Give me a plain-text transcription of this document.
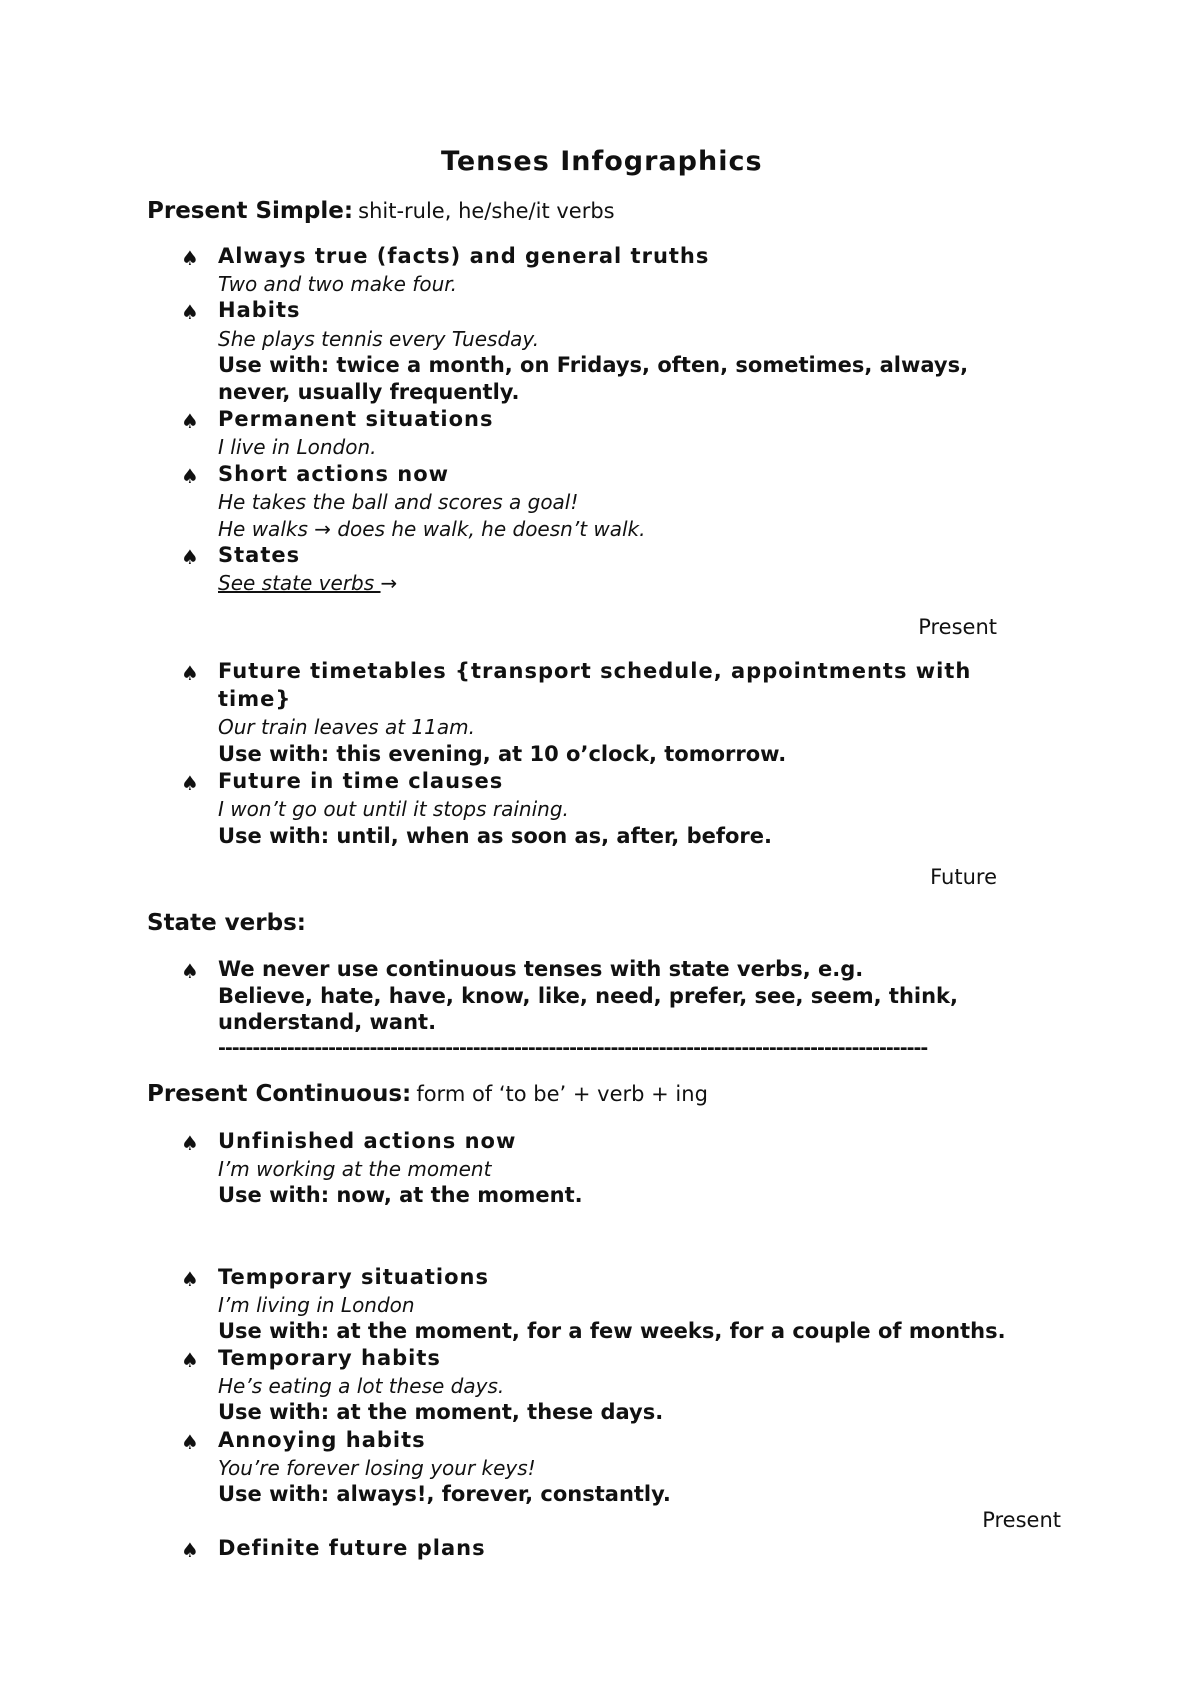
Tenses Infographics
Present Simple: shit-rule, he/she/it verbs
♠ Always true (facts) and general truths
Two and two make four.
♠ Habits
She plays tennis every Tuesday.
Use with: twice a month, on Fridays, often, sometimes, always,
never, usually frequently.
♠ Permanent situations
I live in London.
♠ Short actions now
He takes the ball and scores a goal!
He walks → does he walk, he doesn’t walk.
♠ States
See state verbs →
Present
♠ Future timetables {transport schedule, appointments with
time}
Our train leaves at 11am.
Use with: this evening, at 10 o’clock, tomorrow.
♠ Future in time clauses
I won’t go out until it stops raining.
Use with: until, when as soon as, after, before.
Future
State verbs:
♠ We never use continuous tenses with state verbs, e.g.
Believe, hate, have, know, like, need, prefer, see, seem, think,
understand, want.
-------------------------------------------------------------------------------------------------------
Present Continuous: form of ‘to be’ + verb + ing
♠ Unfinished actions now
I’m working at the moment
Use with: now, at the moment.
♠ Temporary situations
I’m living in London
Use with: at the moment, for a few weeks, for a couple of months.
♠ Temporary habits
He’s eating a lot these days.
Use with: at the moment, these days.
♠ Annoying habits
You’re forever losing your keys!
Use with: always!, forever, constantly.
Present
♠ Definite future plans
